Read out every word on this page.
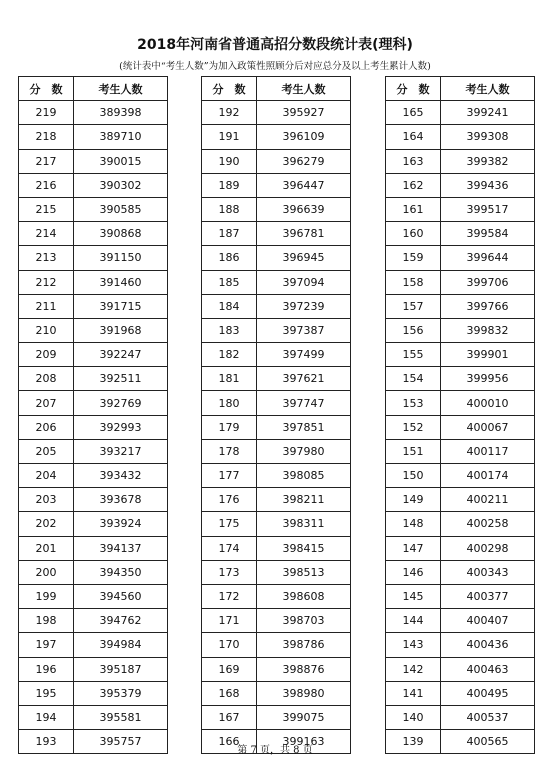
2018年河南省普通高招分数段统计表(理科)
(统计表中“考生人数”为加入政策性照顾分后对应总分及以上考生累计人数)
分　数	考生人数
219	389398
218	389710
217	390015
216	390302
215	390585
214	390868
213	391150
212	391460
211	391715
210	391968
209	392247
208	392511
207	392769
206	392993
205	393217
204	393432
203	393678
202	393924
201	394137
200	394350
199	394560
198	394762
197	394984
196	395187
195	395379
194	395581
193	395757
分　数	考生人数
192	395927
191	396109
190	396279
189	396447
188	396639
187	396781
186	396945
185	397094
184	397239
183	397387
182	397499
181	397621
180	397747
179	397851
178	397980
177	398085
176	398211
175	398311
174	398415
173	398513
172	398608
171	398703
170	398786
169	398876
168	398980
167	399075
166	399163
分　数	考生人数
165	399241
164	399308
163	399382
162	399436
161	399517
160	399584
159	399644
158	399706
157	399766
156	399832
155	399901
154	399956
153	400010
152	400067
151	400117
150	400174
149	400211
148	400258
147	400298
146	400343
145	400377
144	400407
143	400436
142	400463
141	400495
140	400537
139	400565
第 7 页，共 8 页
